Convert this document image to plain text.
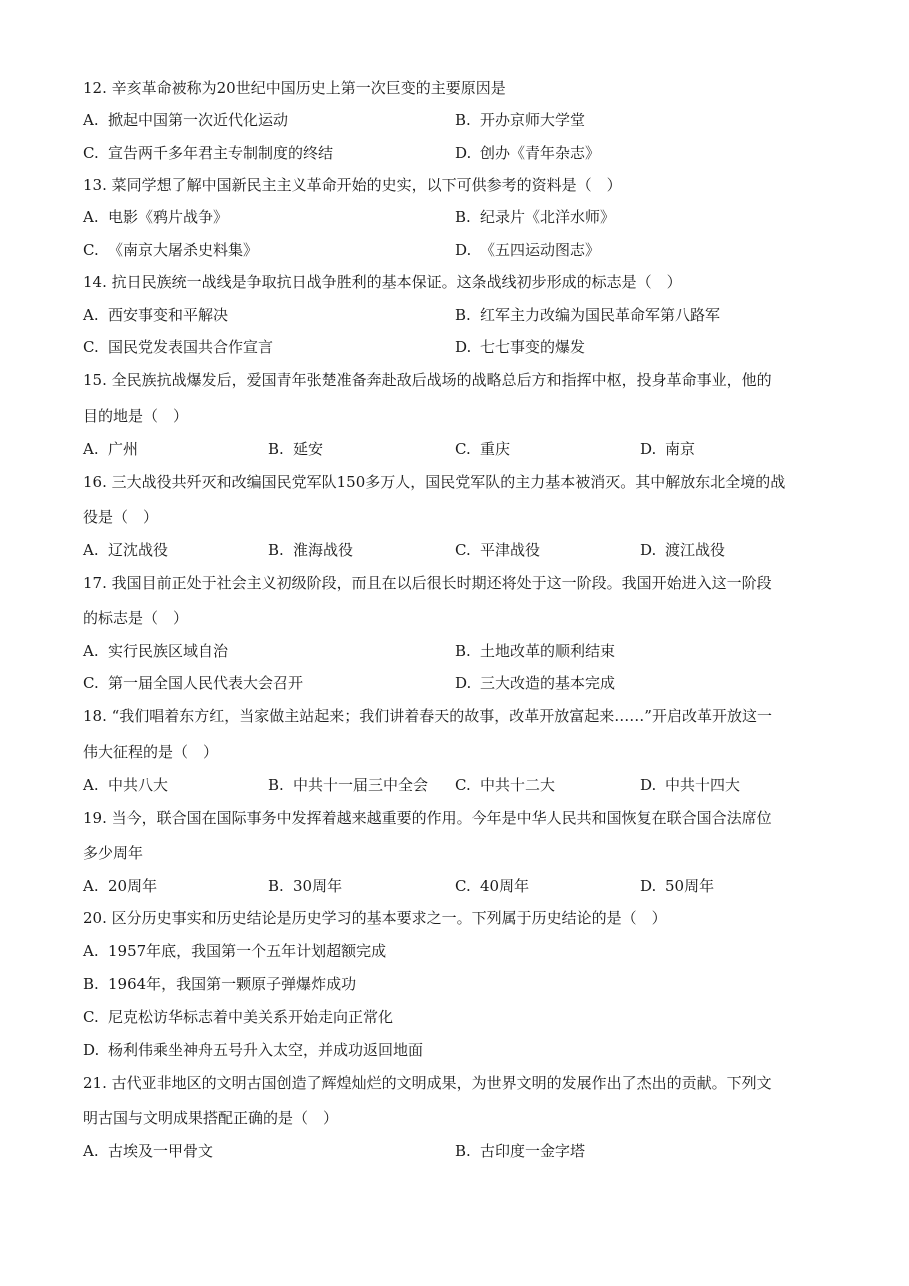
12. 辛亥革命被称为20世纪中国历史上第一次巨变的主要原因是
A. 掀起中国第一次近代化运动	B. 开办京师大学堂
C. 宣告两千多年君主专制制度的终结	D. 创办《青年杂志》
13. 菜同学想了解中国新民主主义革命开始的史实，以下可供参考的资料是（　）
A. 电影《鸦片战争》	B. 纪录片《北洋水师》
C. 《南京大屠杀史料集》	D. 《五四运动图志》
14. 抗日民族统一战线是争取抗日战争胜利的基本保证。这条战线初步形成的标志是（　）
A. 西安事变和平解决	B. 红军主力改编为国民革命军第八路军
C. 国民党发表国共合作宣言	D. 七七事变的爆发
15. 全民族抗战爆发后，爱国青年张楚准备奔赴敌后战场的战略总后方和指挥中枢，投身革命事业，他的
目的地是（　）
A. 广州	B. 延安	C. 重庆	D. 南京
16. 三大战役共歼灭和改编国民党军队150多万人，国民党军队的主力基本被消灭。其中解放东北全境的战
役是（　）
A. 辽沈战役	B. 淮海战役	C. 平津战役	D. 渡江战役
17. 我国目前正处于社会主义初级阶段，而且在以后很长时期还将处于这一阶段。我国开始进入这一阶段
的标志是（　）
A. 实行民族区域自治	B. 土地改革的顺利结束
C. 第一届全国人民代表大会召开	D. 三大改造的基本完成
18. “我们唱着东方红，当家做主站起来；我们讲着春天的故事，改革开放富起来……”开启改革开放这一
伟大征程的是（　）
A. 中共八大	B. 中共十一届三中全会 C. 中共十二大	D. 中共十四大
19. 当今，联合国在国际事务中发挥着越来越重要的作用。今年是中华人民共和国恢复在联合国合法席位
多少周年
A. 20周年	B. 30周年	C. 40周年	D. 50周年
20. 区分历史事实和历史结论是历史学习的基本要求之一。下列属于历史结论的是（　）
A. 1957年底，我国第一个五年计划超额完成
B. 1964年，我国第一颗原子弹爆炸成功
C. 尼克松访华标志着中美关系开始走向正常化
D. 杨利伟乘坐神舟五号升入太空，并成功返回地面
21. 古代亚非地区的文明古国创造了辉煌灿烂的文明成果，为世界文明的发展作出了杰出的贡献。下列文
明古国与文明成果搭配正确的是（　）
A. 古埃及一甲骨文	B. 古印度一金字塔
